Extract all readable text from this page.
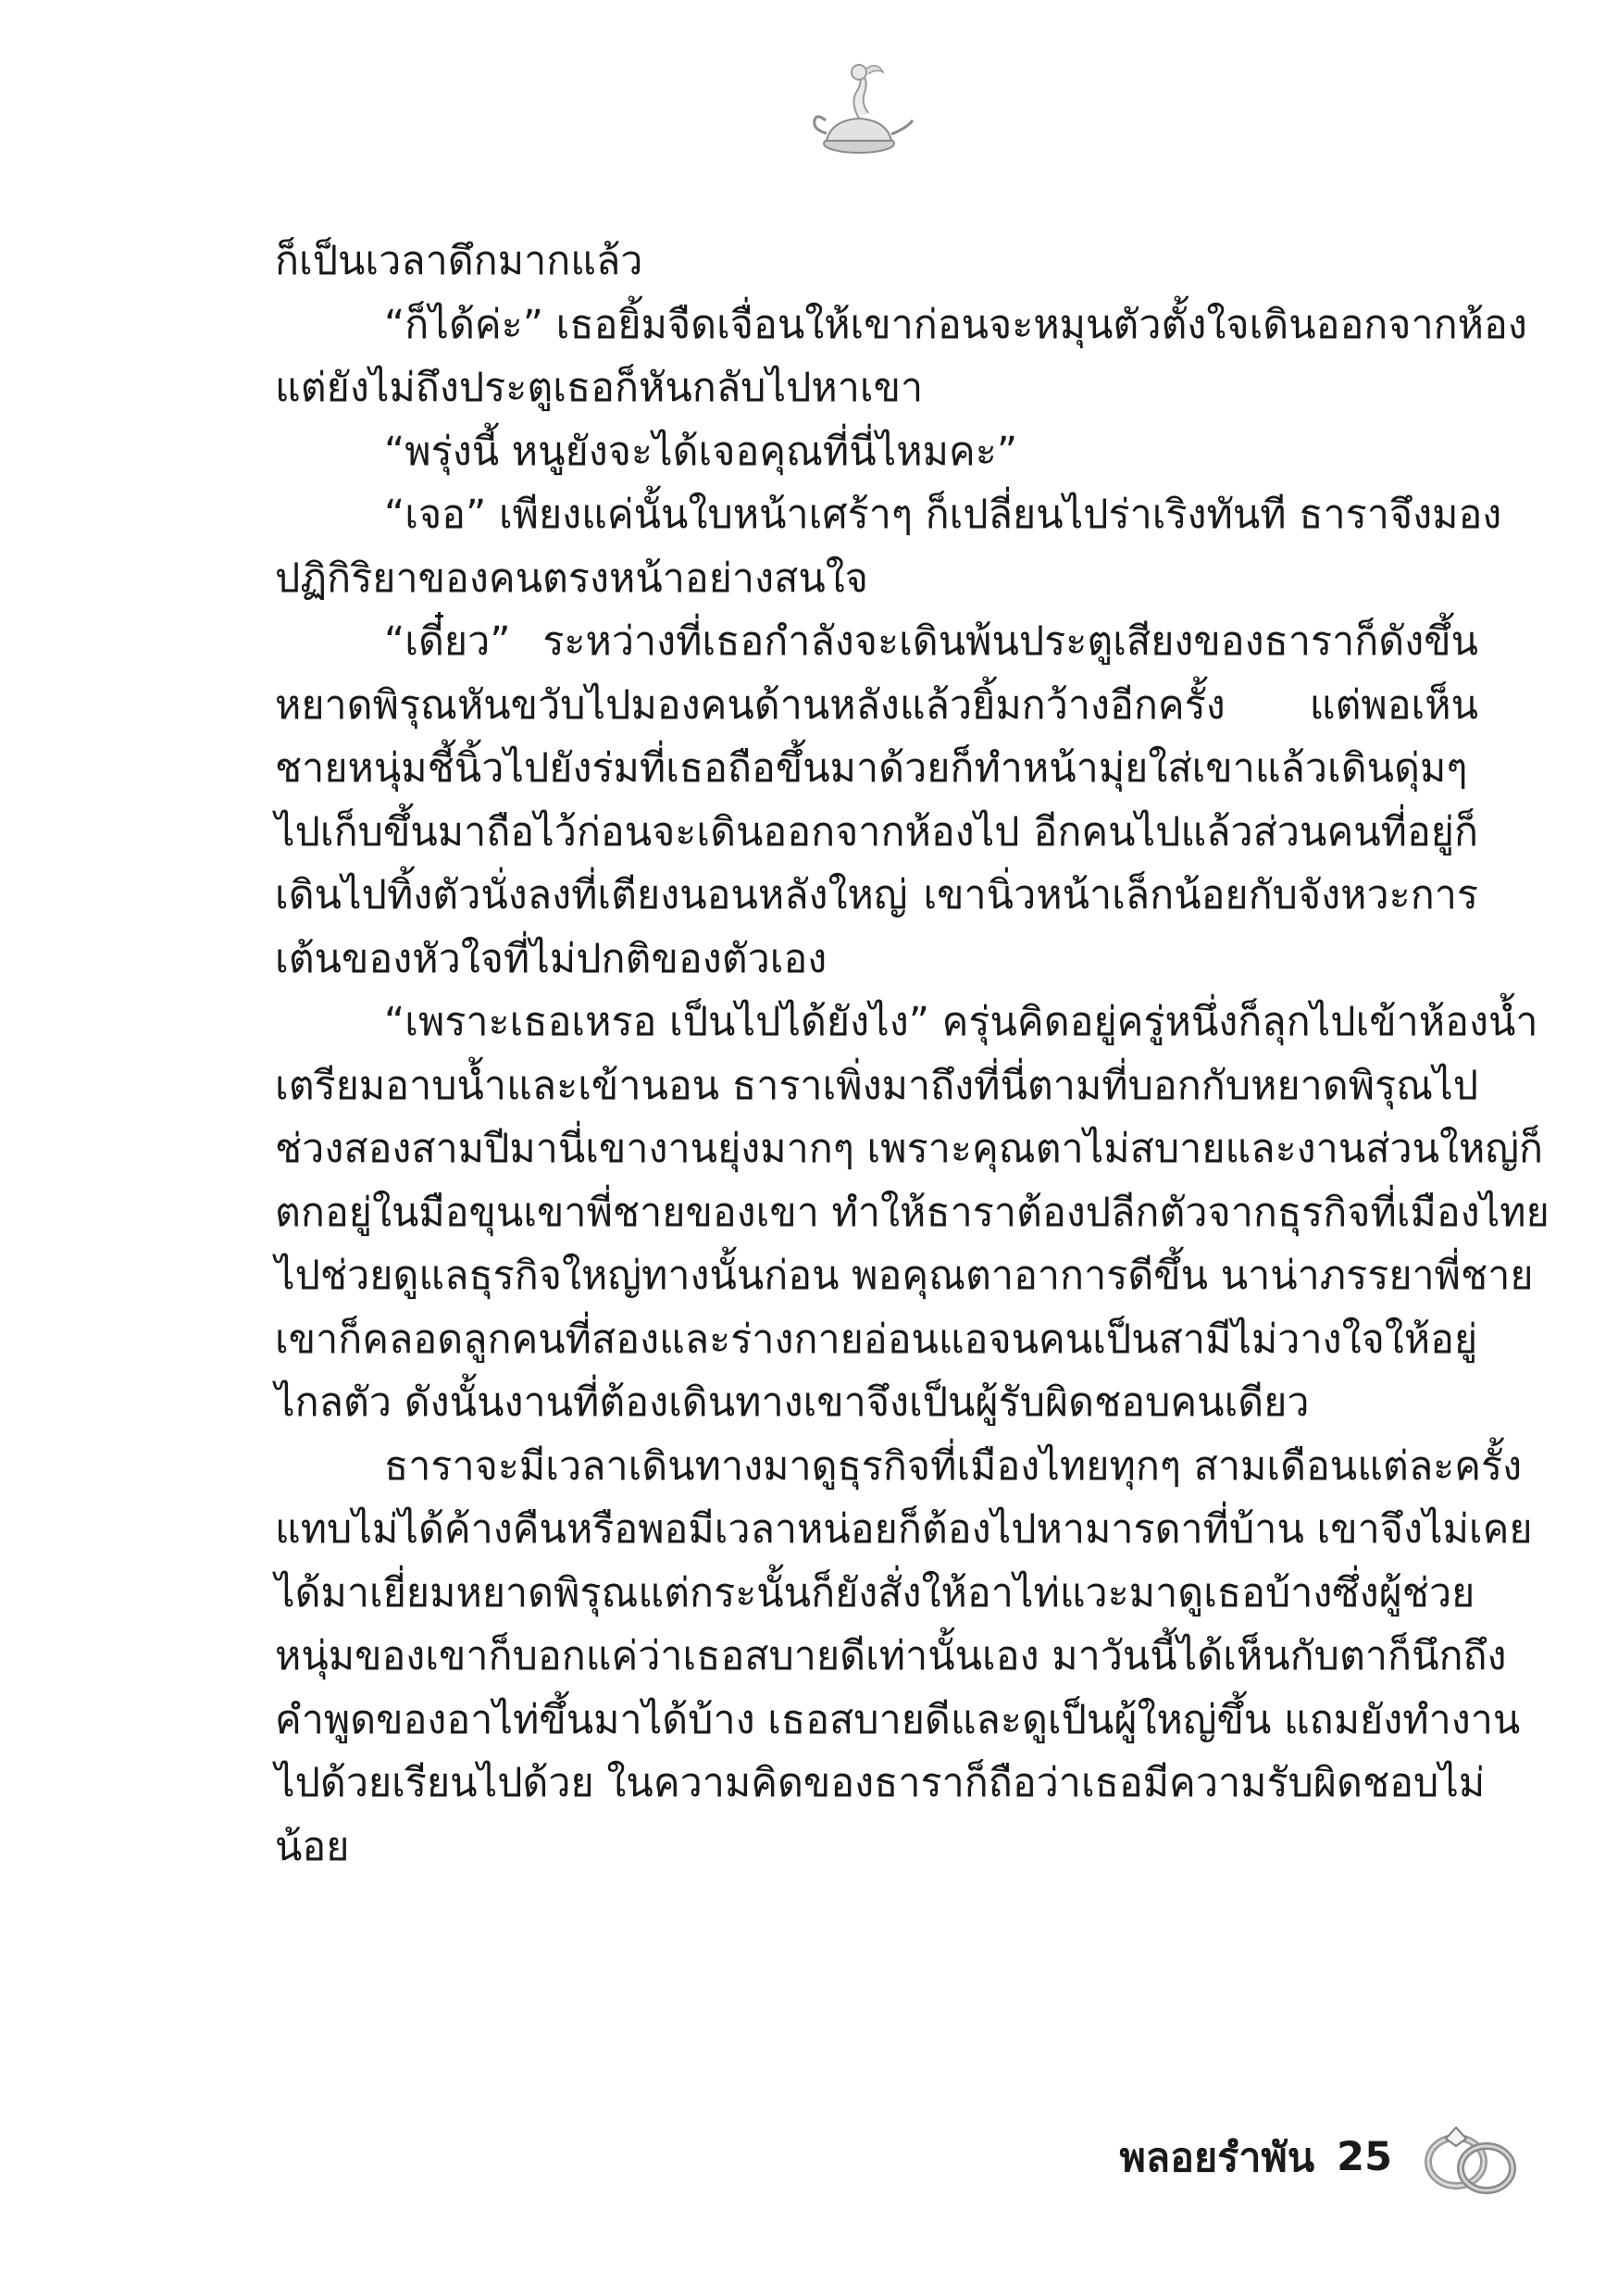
ก็เป็นเวลาดึกมากแล้ว
“ก็ได้ค่ะ” เธอยิ้มจืดเจื่อนให้เขาก่อนจะหมุนตัวตั้งใจเดินออกจากห้อง
แต่ยังไม่ถึงประตูเธอก็หันกลับไปหาเขา
“พรุ่งนี้ หนูยังจะได้เจอคุณที่นี่ไหมคะ”
“เจอ” เพียงแค่นั้นใบหน้าเศร้าๆ ก็เปลี่ยนไปร่าเริงทันที ธาราจึงมอง
ปฏิกิริยาของคนตรงหน้าอย่างสนใจ
“เดี๋ยว” ระหว่างที่เธอกำลังจะเดินพ้นประตูเสียงของธาราก็ดังขึ้น
หยาดพิรุณหันขวับไปมองคนด้านหลังแล้วยิ้มกว้างอีกครั้ง แต่พอเห็น
ชายหนุ่มชี้นิ้วไปยังร่มที่เธอถือขึ้นมาด้วยก็ทำหน้ามุ่ยใส่เขาแล้วเดินดุ่มๆ
ไปเก็บขึ้นมาถือไว้ก่อนจะเดินออกจากห้องไป อีกคนไปแล้วส่วนคนที่อยู่ก็
เดินไปทิ้งตัวนั่งลงที่เตียงนอนหลังใหญ่ เขานิ่วหน้าเล็กน้อยกับจังหวะการ
เต้นของหัวใจที่ไม่ปกติของตัวเอง
“เพราะเธอเหรอ เป็นไปได้ยังไง” ครุ่นคิดอยู่ครู่หนึ่งก็ลุกไปเข้าห้องน้ำ
เตรียมอาบน้ำและเข้านอน ธาราเพิ่งมาถึงที่นี่ตามที่บอกกับหยาดพิรุณไป
ช่วงสองสามปีมานี่เขางานยุ่งมากๆ เพราะคุณตาไม่สบายและงานส่วนใหญ่ก็
ตกอยู่ในมือขุนเขาพี่ชายของเขา ทำให้ธาราต้องปลีกตัวจากธุรกิจที่เมืองไทย
ไปช่วยดูแลธุรกิจใหญ่ทางนั้นก่อน พอคุณตาอาการดีขึ้น นาน่าภรรยาพี่ชาย
เขาก็คลอดลูกคนที่สองและร่างกายอ่อนแอจนคนเป็นสามีไม่วางใจให้อยู่
ไกลตัว ดังนั้นงานที่ต้องเดินทางเขาจึงเป็นผู้รับผิดชอบคนเดียว
ธาราจะมีเวลาเดินทางมาดูธุรกิจที่เมืองไทยทุกๆ สามเดือนแต่ละครั้ง
แทบไม่ได้ค้างคืนหรือพอมีเวลาหน่อยก็ต้องไปหามารดาที่บ้าน เขาจึงไม่เคย
ได้มาเยี่ยมหยาดพิรุณแต่กระนั้นก็ยังสั่งให้อาไท่แวะมาดูเธอบ้างซึ่งผู้ช่วย
หนุ่มของเขาก็บอกแค่ว่าเธอสบายดีเท่านั้นเอง มาวันนี้ได้เห็นกับตาก็นึกถึง
คำพูดของอาไท่ขึ้นมาได้บ้าง เธอสบายดีและดูเป็นผู้ใหญ่ขึ้น แถมยังทำงาน
ไปด้วยเรียนไปด้วย ในความคิดของธาราก็ถือว่าเธอมีความรับผิดชอบไม่
น้อย
พลอยรำพัน 25
